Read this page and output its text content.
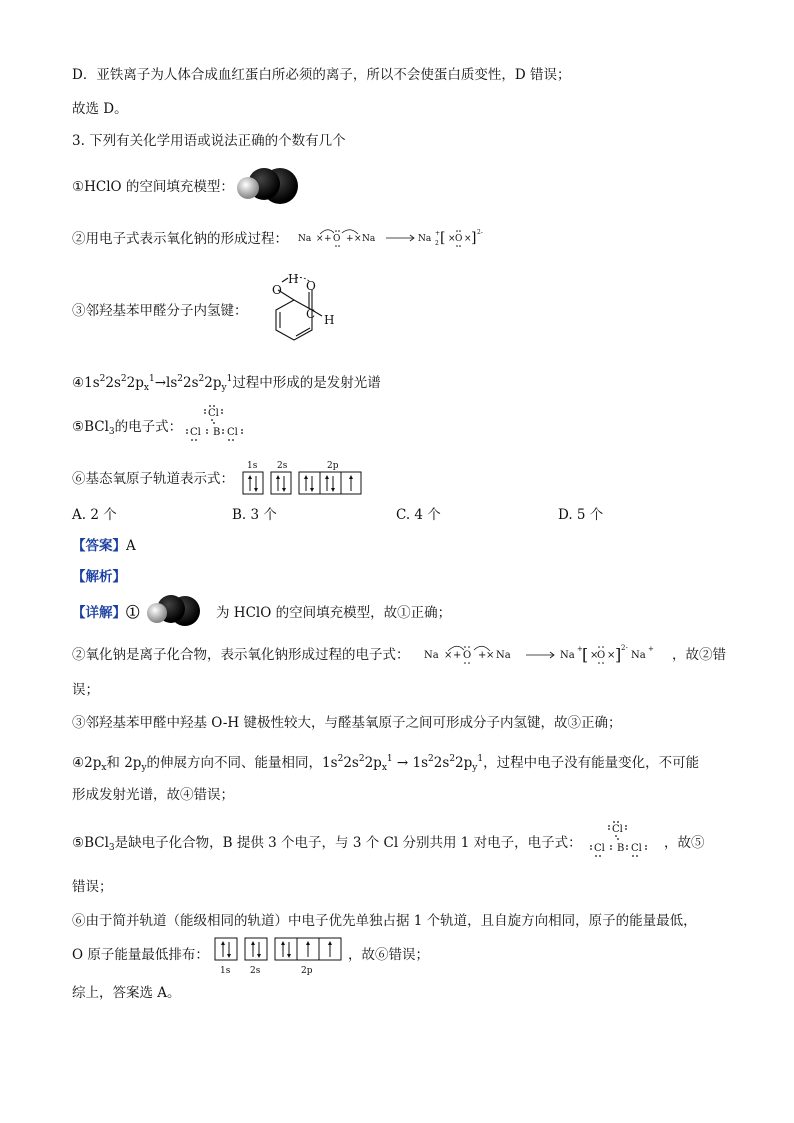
D．亚铁离子为人体合成血红蛋白所必须的离子，所以不会使蛋白质变性，D 错误；
故选 D。
3. 下列有关化学用语或说法正确的个数有几个
①HClO 的空间填充模型：
②用电子式表示氧化钠的形成过程： Na × + O + × Na	Na
+
2 [ × O × ] 2-
③邻羟基苯甲醛分子内氢键：
O
H O
C H
$④1s^22s^22p_x^1\to ls^22s^22p_y^1$过程中形成的是发射光谱
⑤BCl$_3$的电子式：
Cl
Cl B Cl
⑥基态氧原子轨道表示式：
1s 2s	2p
A. 2 个	B. 3 个	C. 4 个	D. 5 个
【答案】A
【解析】
【详解】①	为 HClO 的空间填充模型，故①正确；
②氧化钠是离子化合物，表示氧化钠形成过程的电子式： Na × + O + × Na	Na
+ [ ×
O × ] 2-
Na
+ ，故②错
误；
③邻羟基苯甲醛中羟基 O-H 键极性较大，与醛基氧原子之间可形成分子内氢键，故③正确；
$④2p_x$和 $2p_y$的伸展方向不同、能量相同，$1s^22s^22p_x^1 \to 1s^22s^22p_y^1$，过程中电子没有能量变化，不可能
形成发射光谱，故④错误；
⑤BCl$_3$是缺电子化合物，B 提供 3 个电子，与 3 个 Cl 分别共用 1 对电子，电子式：
Cl
Cl B Cl ，故⑤
错误；
⑥由于简并轨道（能级相同的轨道）中电子优先单独占据 1 个轨道，且自旋方向相同，原子的能量最低，
O 原子能量最低排布：
1s 2s	2p
，故⑥错误；
综上，答案选 A。
